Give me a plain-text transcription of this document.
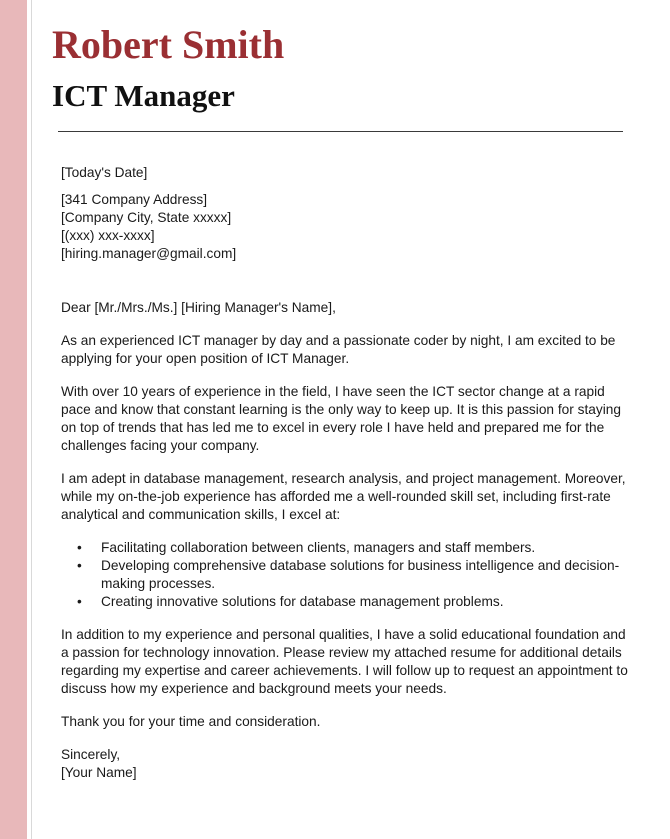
Robert Smith
ICT Manager

[Today's Date]

[341 Company Address]

[Company City, State xxxxx]

[(xxx) xxx-xxxx]

[hiring.manager@gmail.com]

Dear [Mr./Mrs./Ms.] [Hiring Manager's Name],

As an experienced ICT manager by day and a passionate coder by night, I am excited to be applying for your open position of ICT Manager.

With over 10 years of experience in the field, I have seen the ICT sector change at a rapid pace and know that constant learning is the only way to keep up. It is this passion for staying on top of trends that has led me to excel in every role I have held and prepared me for the challenges facing your company.

I am adept in database management, research analysis, and project management. Moreover, while my on-the-job experience has afforded me a well-rounded skill set, including first-rate analytical and communication skills, I excel at:

• Facilitating collaboration between clients, managers and staff members.
• Developing comprehensive database solutions for business intelligence and decision-making processes.
• Creating innovative solutions for database management problems.

In addition to my experience and personal qualities, I have a solid educational foundation and a passion for technology innovation. Please review my attached resume for additional details regarding my expertise and career achievements. I will follow up to request an appointment to discuss how my experience and background meets your needs.

Thank you for your time and consideration.

Sincerely,

[Your Name]
